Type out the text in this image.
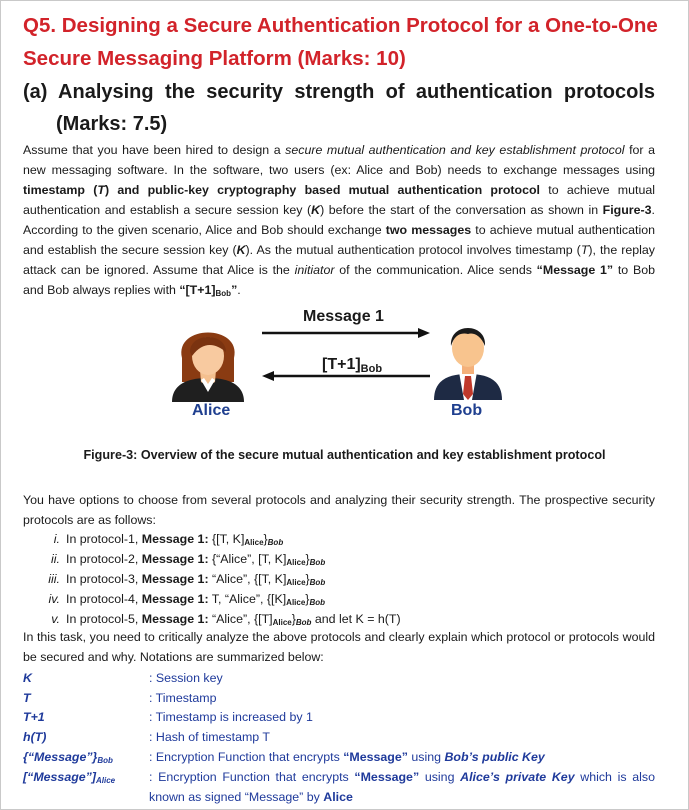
Q5. Designing a Secure Authentication Protocol for a One-to-One Secure Messaging Platform (Marks: 10)
(a) Analysing the security strength of authentication protocols
(Marks: 7.5)
Assume that you have been hired to design a secure mutual authentication and key establishment protocol for a new messaging software. In the software, two users (ex: Alice and Bob) needs to exchange messages using timestamp (T) and public-key cryptography based mutual authentication protocol to achieve mutual authentication and establish a secure session key (K) before the start of the conversation as shown in Figure-3. According to the given scenario, Alice and Bob should exchange two messages to achieve mutual authentication and establish the secure session key (K). As the mutual authentication protocol involves timestamp (T), the replay attack can be ignored. Assume that Alice is the initiator of the communication. Alice sends “Message 1” to Bob and Bob always replies with “$[T+1]_{Bob}$”.
Message 1
$[T+1]_{Bob}$
Alice	Bob
Figure-3: Overview of the secure mutual authentication and key establishment protocol
You have options to choose from several protocols and analyzing their security strength. The prospective security protocols are as follows:
i. In protocol-1, Message 1: {[T, $K]_{Alice}\}_{Bob}$
ii. In protocol-2, Message 1: {“Alice”, [T, $K]_{Alice}\}_{Bob}$
iii. In protocol-3, Message 1: “Alice”, {[T, $K]_{Alice}\}_{Bob}$
iv. In protocol-4, Message 1: T, “Alice”, $\{[K]_{Alice}\}_{Bob}$
v. In protocol-5, Message 1: “Alice”, $\{[T]_{Alice}\}_{Bob}$ and let K = h(T)
In this task, you need to critically analyze the above protocols and clearly explain which protocol or protocols would be secured and why. Notations are summarized below:
K	: Session key
T	: Timestamp
T+1	: Timestamp is increased by 1
h(T)	: Hash of timestamp T
$\{“Message”\}_{Bob}$	: Encryption Function that encrypts “Message” using Bob’s public Key
$[“Message”]_{Alice}$	: Encryption Function that encrypts “Message” using Alice’s private Key which is also known as signed “Message” by Alice
